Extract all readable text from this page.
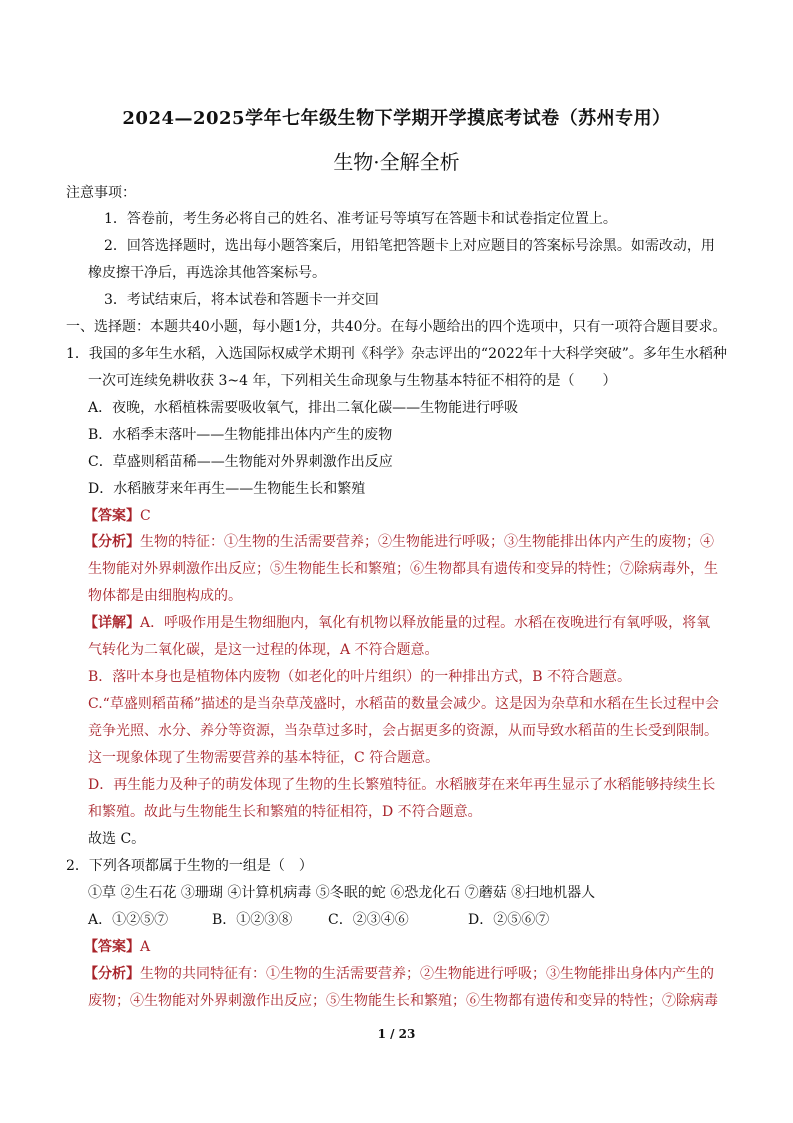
2024—2025学年七年级生物下学期开学摸底考试卷（苏州专用）
生物·全解全析
注意事项：
1．答卷前，考生务必将自己的姓名、准考证号等填写在答题卡和试卷指定位置上。
2．回答选择题时，选出每小题答案后，用铅笔把答题卡上对应题目的答案标号涂黑。如需改动，用
橡皮擦干净后，再选涂其他答案标号。
3．考试结束后，将本试卷和答题卡一并交回
一、选择题：本题共40小题，每小题1分，共40分。在每小题给出的四个选项中，只有一项符合题目要求。
1．我国的多年生水稻，入选国际权威学术期刊《科学》杂志评出的“2022年十大科学突破”。多年生水稻种
一次可连续免耕收获 3~4 年，下列相关生命现象与生物基本特征不相符的是（　　）
A．夜晚，水稻植株需要吸收氧气，排出二氧化碳——生物能进行呼吸
B．水稻季末落叶——生物能排出体内产生的废物
C．草盛则稻苗稀——生物能对外界刺激作出反应
D．水稻腋芽来年再生——生物能生长和繁殖
【答案】C
【分析】生物的特征：①生物的生活需要营养；②生物能进行呼吸；③生物能排出体内产生的废物；④
生物能对外界刺激作出反应；⑤生物能生长和繁殖；⑥生物都具有遗传和变异的特性；⑦除病毒外，生
物体都是由细胞构成的。
【详解】A．呼吸作用是生物细胞内，氧化有机物以释放能量的过程。水稻在夜晚进行有氧呼吸，将氧
气转化为二氧化碳，是这一过程的体现，A 不符合题意。
B．落叶本身也是植物体内废物（如老化的叶片组织）的一种排出方式，B 不符合题意。
C.“草盛则稻苗稀”描述的是当杂草茂盛时，水稻苗的数量会减少。这是因为杂草和水稻在生长过程中会
竞争光照、水分、养分等资源，当杂草过多时，会占据更多的资源，从而导致水稻苗的生长受到限制。
这一现象体现了生物需要营养的基本特征，C 符合题意。
D．再生能力及种子的萌发体现了生物的生长繁殖特征。水稻腋芽在来年再生显示了水稻能够持续生长
和繁殖。故此与生物能生长和繁殖的特征相符，D 不符合题意。
故选 C。
2．下列各项都属于生物的一组是（　）
①草 ②生石花 ③珊瑚 ④计算机病毒 ⑤冬眠的蛇 ⑥恐龙化石 ⑦蘑菇 ⑧扫地机器人
A．①②⑤⑦	B．①②③⑧	C．②③④⑥	D．②⑤⑥⑦
【答案】A
【分析】生物的共同特征有：①生物的生活需要营养；②生物能进行呼吸；③生物能排出身体内产生的
废物；④生物能对外界刺激作出反应；⑤生物能生长和繁殖；⑥生物都有遗传和变异的特性；⑦除病毒
1 / 23
